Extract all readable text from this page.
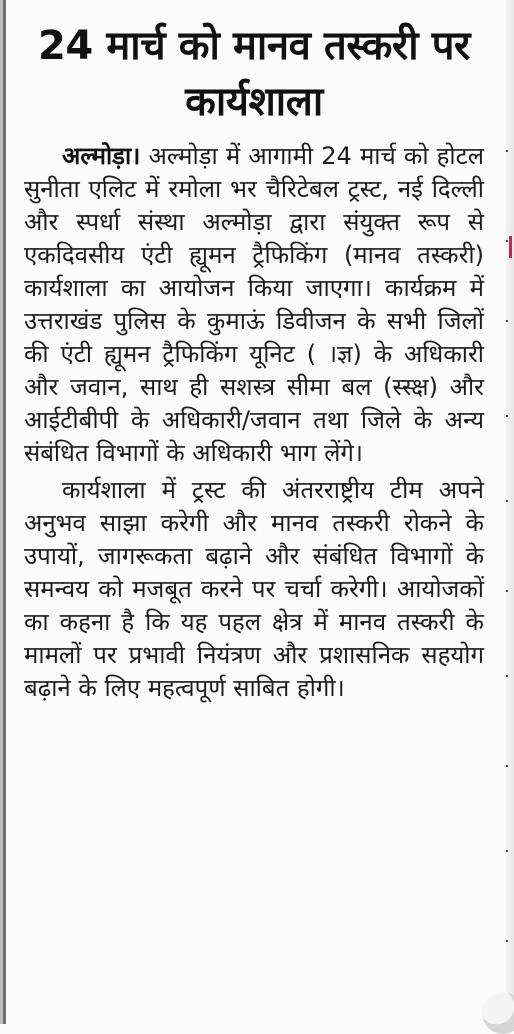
24 मार्च को मानव तस्करी पर कार्यशाला

अल्मोड़ा। अल्मोड़ा में आगामी 24 मार्च को होटल सुनीता एलिट में रमोला भर चैरिटेबल ट्रस्ट, नई दिल्ली और स्पर्धा संस्था अल्मोड़ा द्वारा संयुक्त रूप से एकदिवसीय एंटी ह्यूमन ट्रैफिकिंग (मानव तस्करी) कार्यशाला का आयोजन किया जाएगा। कार्यक्रम में उत्तराखंड पुलिस के कुमाऊं डिवीजन के सभी जिलों की एंटी ह्यूमन ट्रैफिकिंग यूनिट ( ।ज्ञ) के अधिकारी और जवान, साथ ही सशस्त्र सीमा बल (स्स्क्ष) और आईटीबीपी के अधिकारी/जवान तथा जिले के अन्य संबंधित विभागों के अधिकारी भाग लेंगे।

कार्यशाला में ट्रस्ट की अंतरराष्ट्रीय टीम अपने अनुभव साझा करेगी और मानव तस्करी रोकने के उपायों, जागरूकता बढ़ाने और संबंधित विभागों के समन्वय को मजबूत करने पर चर्चा करेगी। आयोजकों का कहना है कि यह पहल क्षेत्र में मानव तस्करी के मामलों पर प्रभावी नियंत्रण और प्रशासनिक सहयोग बढ़ाने के लिए महत्वपूर्ण साबित होगी।
